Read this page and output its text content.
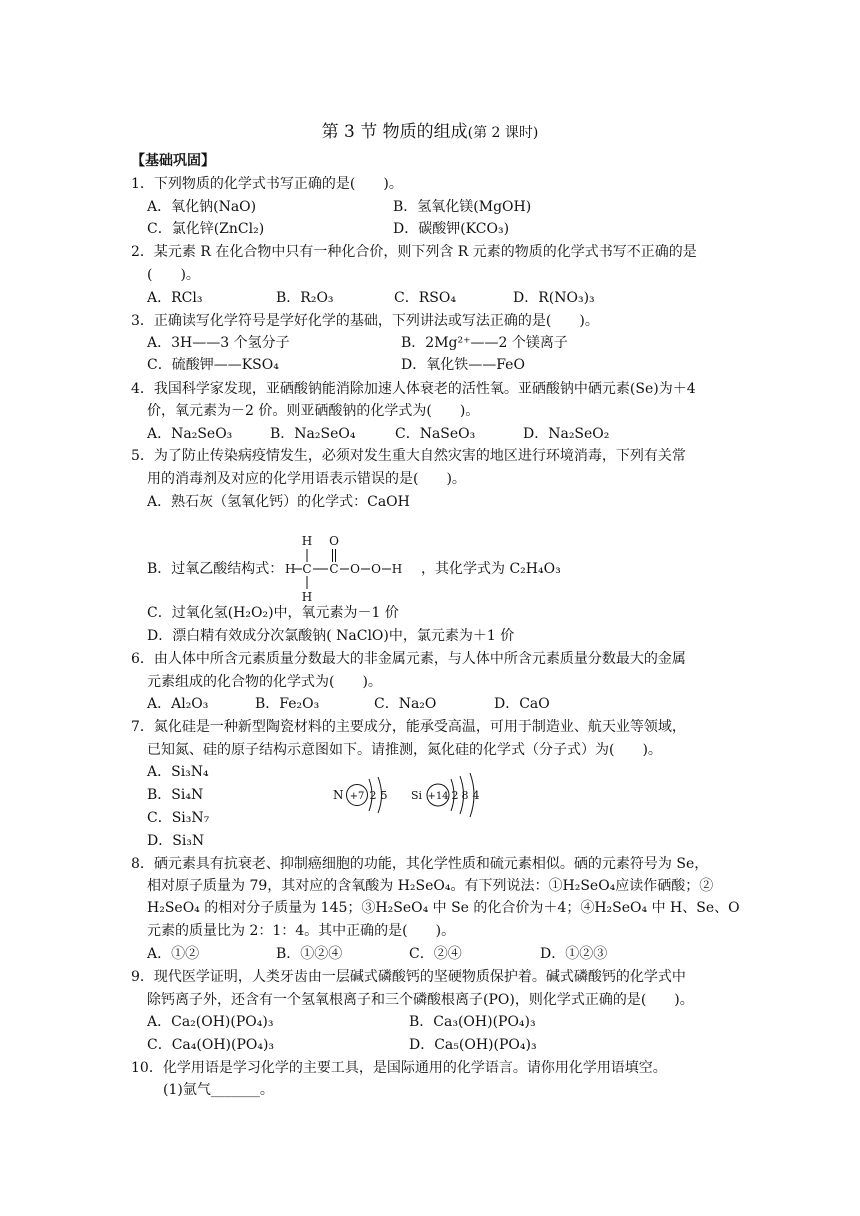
第 3 节 物质的组成(第 2 课时)
【基础巩固】
1．下列物质的化学式书写正确的是(　　)。
A．氧化钠(NaO)	B．氢氧化镁(MgOH)
C．氯化锌(ZnCl₂)	D．碳酸钾(KCO₃)
2．某元素 R 在化合物中只有一种化合价，则下列含 R 元素的物质的化学式书写不正确的是
(　　)。
A．RCl₃	B．R₂O₃	C．RSO₄	D．R(NO₃)₃
3．正确读写化学符号是学好化学的基础，下列讲法或写法正确的是(　　)。
A．3H——3 个氢分子	B．2Mg²⁺——2 个镁离子
C．硫酸钾——KSO₄	D．氧化铁——FeO
4．我国科学家发现，亚硒酸钠能消除加速人体衰老的活性氧。亚硒酸钠中硒元素(Se)为＋4
价，氧元素为－2 价。则亚硒酸钠的化学式为(　　)。
A．Na₂SeO₃	B．Na₂SeO₄	C．NaSeO₃	D．Na₂SeO₂
5．为了防止传染病疫情发生，必须对发生重大自然灾害的地区进行环境消毒，下列有关常
用的消毒剂及对应的化学用语表示错误的是(　　)。
A．熟石灰（氢氧化钙）的化学式：CaOH
B．过氧乙酸结构式：
H O
H C C O O H
H
，其化学式为 C₂H₄O₃
C．过氧化氢(H₂O₂)中，氧元素为－1 价
D．漂白精有效成分次氯酸钠( NaClO)中，氯元素为＋1 价
6．由人体中所含元素质量分数最大的非金属元素，与人体中所含元素质量分数最大的金属
元素组成的化合物的化学式为(　　)。
A．Al₂O₃	B．Fe₂O₃	C．Na₂O	D．CaO
7．氮化硅是一种新型陶瓷材料的主要成分，能承受高温，可用于制造业、航天业等领域，
已知氮、硅的原子结构示意图如下。请推测，氮化硅的化学式（分子式）为(　　)。
A．Si₃N₄
B．Si₄N
C．Si₃N₇
D．Si₃N
N +7 2 5 Si +14 2 8 4
8．硒元素具有抗衰老、抑制癌细胞的功能，其化学性质和硫元素相似。硒的元素符号为 Se，
相对原子质量为 79，其对应的含氧酸为 H₂SeO₄。有下列说法：①H₂SeO₄应读作硒酸；②
H₂SeO₄ 的相对分子质量为 145；③H₂SeO₄ 中 Se 的化合价为＋4；④H₂SeO₄ 中 H、Se、O
元素的质量比为 2：1：4。其中正确的是(　　)。
A．①②	B．①②④	C．②④	D．①②③
9．现代医学证明，人类牙齿由一层碱式磷酸钙的坚硬物质保护着。碱式磷酸钙的化学式中
除钙离子外，还含有一个氢氧根离子和三个磷酸根离子(PO)，则化学式正确的是(　　)。
A．Ca₂(OH)(PO₄)₃	B．Ca₃(OH)(PO₄)₃
C．Ca₄(OH)(PO₄)₃	D．Ca₅(OH)(PO₄)₃
10．化学用语是学习化学的主要工具，是国际通用的化学语言。请你用化学用语填空。
(1)氩气_______。
